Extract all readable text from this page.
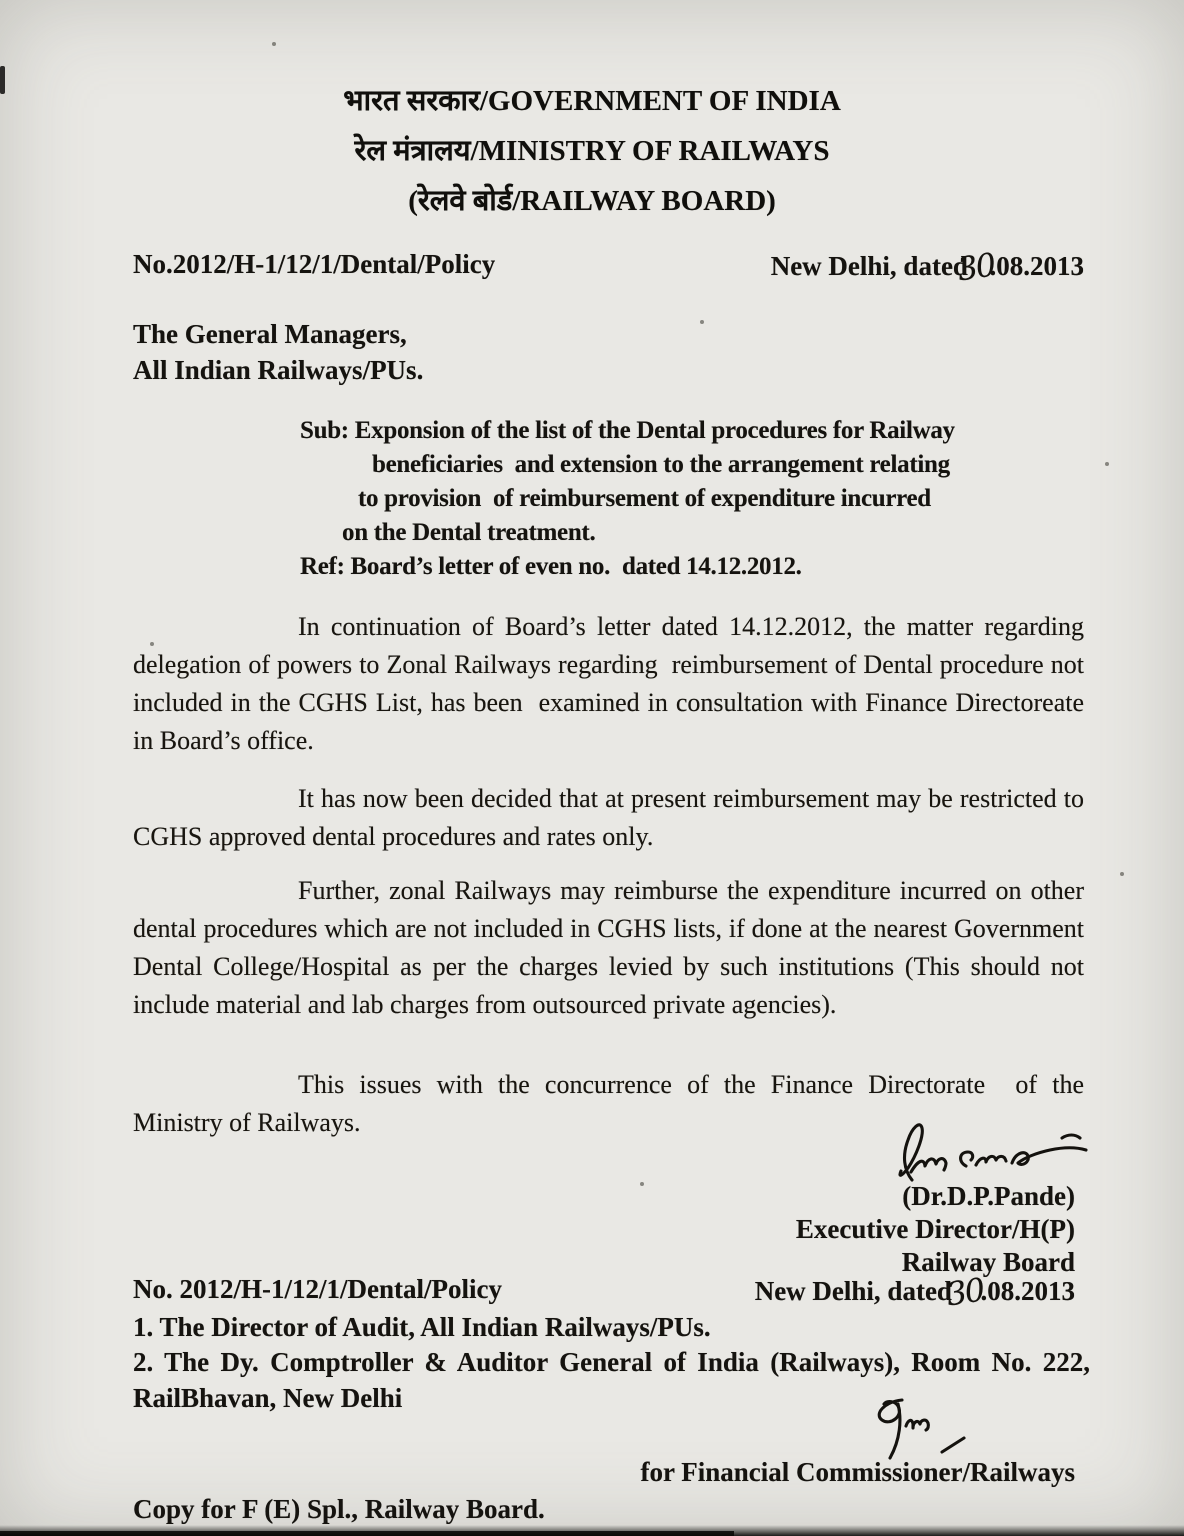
भारत सरकार/GOVERNMENT OF INDIA
रेल मंत्रालय/MINISTRY OF RAILWAYS
(रेलवे बोर्ड/RAILWAY BOARD)
No.2012/H-1/12/1/Dental/Policy	New Delhi, dated30.08.2013
The General Managers,
All Indian Railways/PUs.
Sub: Exponsion of the list of the Dental procedures for Railway
beneficiaries  and extension to the arrangement relating
to provision  of reimbursement of expenditure incurred
on the Dental treatment.
Ref: Board’s letter of even no.  dated 14.12.2012.
In continuation of Board’s letter dated 14.12.2012, the matter regarding delegation of powers to Zonal Railways regarding  reimbursement of Dental procedure not included in the CGHS List, has been  examined in consultation with Finance Directoreate in Board’s office.
It has now been decided that at present reimbursement may be restricted to CGHS approved dental procedures and rates only.
Further, zonal Railways may reimburse the expenditure incurred on other dental procedures which are not included in CGHS lists, if done at the nearest Government Dental College/Hospital as per the charges levied by such institutions (This should not include material and lab charges from outsourced private agencies).
This issues with the concurrence of the Finance Directorate  of the Ministry of Railways.
(Dr.D.P.Pande)
Executive Director/H(P)
Railway Board
No. 2012/H-1/12/1/Dental/Policy	New Delhi, dated30.08.2013
1. The Director of Audit, All Indian Railways/PUs.
2. The Dy. Comptroller & Auditor General of India (Railways), Room No. 222, RailBhavan, New Delhi
for Financial Commissioner/Railways
Copy for F (E) Spl., Railway Board.
